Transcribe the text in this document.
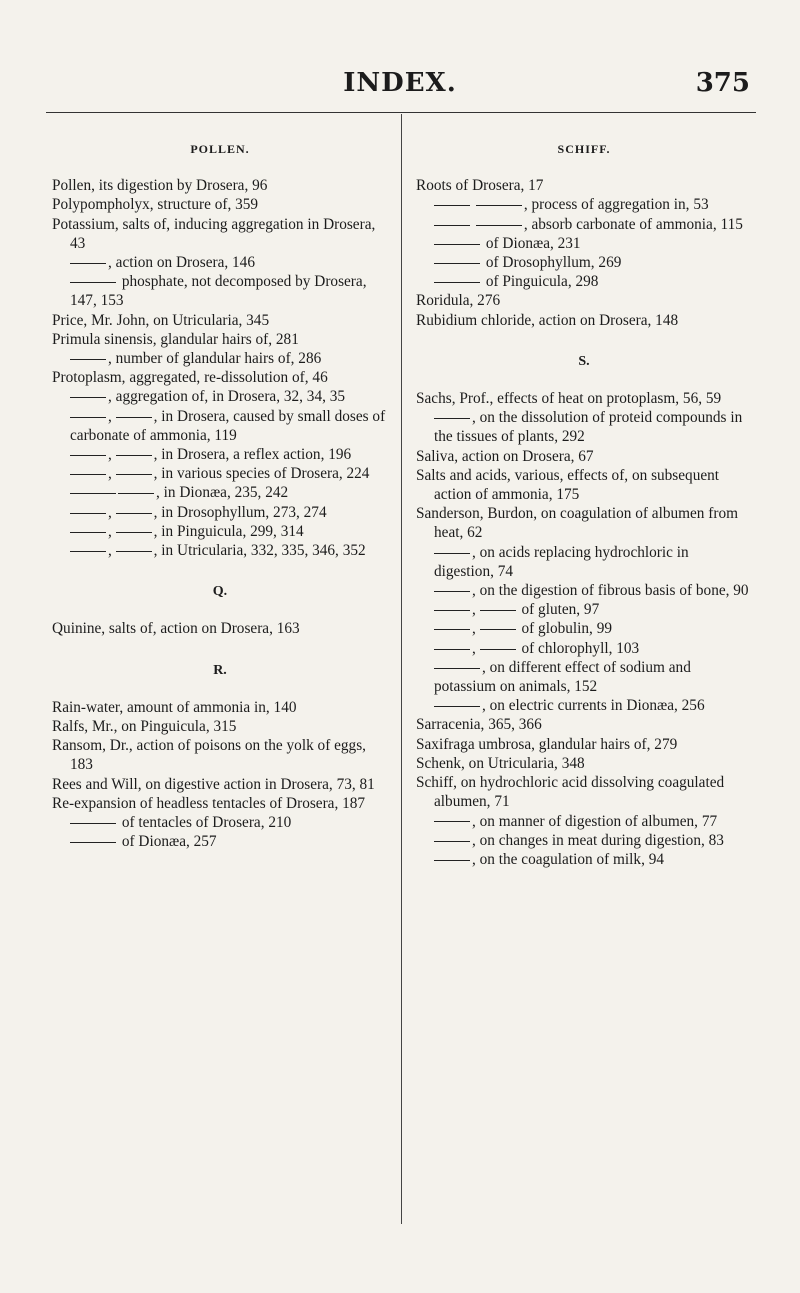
INDEX.	375
POLLEN.

Pollen, its digestion by Drosera, 96

Polypompholyx, structure of, 359

Potassium, salts of, inducing aggregation in Drosera, 43

, action on Drosera, 146

phosphate, not decomposed by Drosera, 147, 153

Price, Mr. John, on Utricularia, 345

Primula sinensis, glandular hairs of, 281

, number of glandular hairs of, 286

Protoplasm, aggregated, re-dissolution of, 46

, aggregation of, in Drosera, 32, 34, 35

, , in Drosera, caused by small doses of carbonate of ammonia, 119

, , in Drosera, a reflex action, 196

, , in various species of Drosera, 224

, in Dionæa, 235, 242

, , in Drosophyllum, 273, 274

, , in Pinguicula, 299, 314

, , in Utricularia, 332, 335, 346, 352

Q.

Quinine, salts of, action on Drosera, 163

R.

Rain-water, amount of ammonia in, 140

Ralfs, Mr., on Pinguicula, 315

Ransom, Dr., action of poisons on the yolk of eggs, 183

Rees and Will, on digestive action in Drosera, 73, 81

Re-expansion of headless tentacles of Drosera, 187

of tentacles of Drosera, 210

of Dionæa, 257

SCHIFF.

Roots of Drosera, 17

, process of aggregation in, 53

, absorb carbonate of ammonia, 115

of Dionæa, 231

of Drosophyllum, 269

of Pinguicula, 298

Roridula, 276

Rubidium chloride, action on Drosera, 148

S.

Sachs, Prof., effects of heat on protoplasm, 56, 59

, on the dissolution of proteid compounds in the tissues of plants, 292

Saliva, action on Drosera, 67

Salts and acids, various, effects of, on subsequent action of ammonia, 175

Sanderson, Burdon, on coagulation of albumen from heat, 62

, on acids replacing hydrochloric in digestion, 74

, on the digestion of fibrous basis of bone, 90

,	of gluten, 97

,	of globulin, 99

,	of chlorophyll, 103

, on different effect of sodium and potassium on animals, 152

, on electric currents in Dionæa, 256

Sarracenia, 365, 366

Saxifraga umbrosa, glandular hairs of, 279

Schenk, on Utricularia, 348

Schiff, on hydrochloric acid dissolving coagulated albumen, 71

, on manner of digestion of albumen, 77

, on changes in meat during digestion, 83

, on the coagulation of milk, 94
